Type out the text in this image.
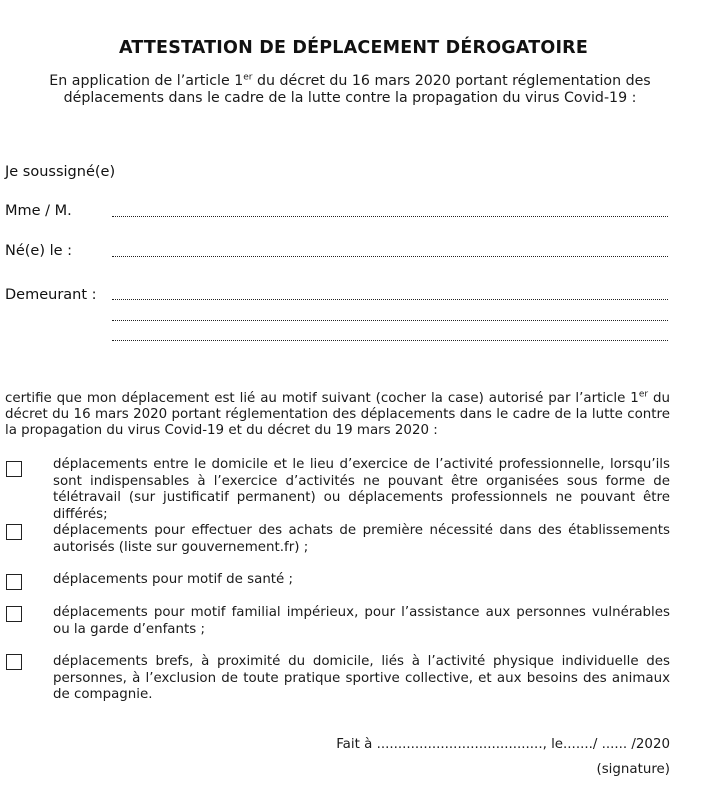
ATTESTATION DE DÉPLACEMENT DÉROGATOIRE
En application de l’article 1er du décret du 16 mars 2020 portant réglementation des
déplacements dans le cadre de la lutte contre la propagation du virus Covid-19 :
Je soussigné(e)
Mme / M.
Né(e) le :
Demeurant :
certifie que mon déplacement est lié au motif suivant (cocher la case) autorisé par l’article 1er du décret du 16 mars 2020 portant réglementation des déplacements dans le cadre de la lutte contre la propagation du virus Covid-19 et du décret du 19 mars 2020 :
déplacements entre le domicile et le lieu d’exercice de l’activité professionnelle, lorsqu’ils sont indispensables à l’exercice d’activités ne pouvant être organisées sous forme de télétravail (sur justificatif permanent) ou déplacements professionnels ne pouvant être différés;
déplacements pour effectuer des achats de première nécessité dans des établissements autorisés (liste sur gouvernement.fr) ;
déplacements pour motif de santé ;
déplacements pour motif familial impérieux, pour l’assistance aux personnes vulnérables ou la garde d’enfants ;
déplacements brefs, à proximité du domicile, liés à l’activité physique individuelle des personnes, à l’exclusion de toute pratique sportive collective, et aux besoins des animaux de compagnie.
Fait à ......................................., le......./ ...... /2020
(signature)
